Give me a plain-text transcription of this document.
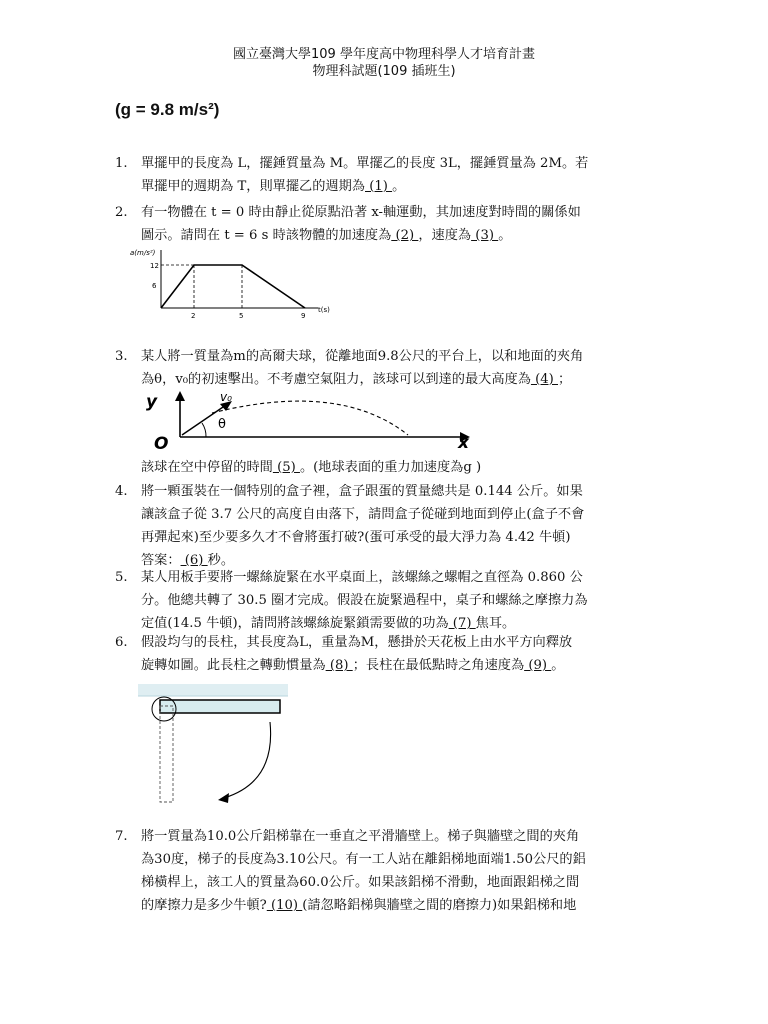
國立臺灣大學109 學年度高中物理科學人才培育計畫
物理科試題(109 插班生)
(g = 9.8 m/s²)
1.	單擺甲的長度為 L，擺錘質量為 M。單擺乙的長度 3L，擺錘質量為 2M。若
單擺甲的週期為 T，則單擺乙的週期為 (1) 。
2.	有一物體在 t = 0 時由靜止從原點沿著 x-軸運動，其加速度對時間的關係如
圖示。請問在 t = 6 s 時該物體的加速度為 (2) ，速度為 (3) 。
3.	某人將一質量為m的高爾夫球，從離地面9.8公尺的平台上，以和地面的夾角
為θ，v₀的初速擊出。不考慮空氣阻力，該球可以到達的最大高度為 (4) ；
該球在空中停留的時間 (5) 。(地球表面的重力加速度為g )
4.	將一顆蛋裝在一個特別的盒子裡，盒子跟蛋的質量總共是 0.144 公斤。如果
讓該盒子從 3.7 公尺的高度自由落下，請問盒子從碰到地面到停止(盒子不會
再彈起來)至少要多久才不會將蛋打破?(蛋可承受的最大淨力為 4.42 牛頓)
答案： (6) 秒。
5.	某人用板手要將一螺絲旋緊在水平桌面上，該螺絲之螺帽之直徑為 0.860 公
分。他總共轉了 30.5 圈才完成。假設在旋緊過程中，桌子和螺絲之摩擦力為
定值(14.5 牛頓)，請問將該螺絲旋緊鎖需要做的功為 (7) 焦耳。
6.	假設均勻的長柱，其長度為L，重量為M，懸掛於天花板上由水平方向釋放
旋轉如圖。此長柱之轉動慣量為 (8) ；長柱在最低點時之角速度為 (9) 。
7.	將一質量為10.0公斤鋁梯靠在一垂直之平滑牆壁上。梯子與牆壁之間的夾角
為30度，梯子的長度為3.10公尺。有一工人站在離鋁梯地面端1.50公尺的鋁
梯橫桿上，該工人的質量為60.0公斤。如果該鋁梯不滑動，地面跟鋁梯之間
的摩擦力是多少牛頓? (10) (請忽略鋁梯與牆壁之間的磨擦力)如果鋁梯和地
a(m/s²)
t(s)
12
6
2	5	9
y
x
O
v₀
θ
